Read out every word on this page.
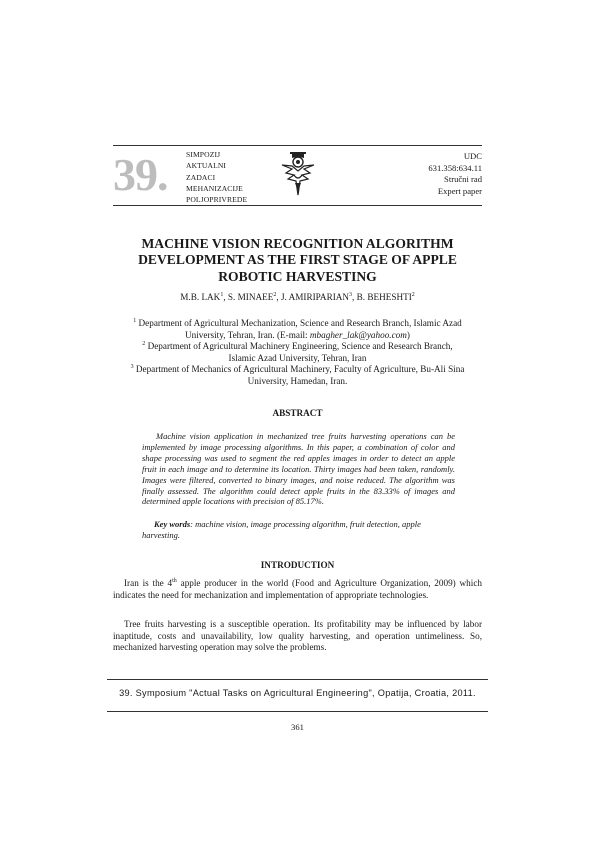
39. SIMPOZIJ
AKTUALNI
ZADACI
MEHANIZACIJE
POLJOPRIVREDE
UDC
631.358:634.11
Stručni rad
Expert paper
MACHINE VISION RECOGNITION ALGORITHM
DEVELOPMENT AS THE FIRST STAGE OF APPLE
ROBOTIC HARVESTING
M.B. LAK$^1$, S. MINAEE$^2$, J. AMIRIPARIAN$^3$, B. BEHESHTI$^2$
$^1$ Department of Agricultural Mechanization, Science and Research Branch, Islamic Azad
University, Tehran, Iran. (E-mail: mbagher_lak@yahoo.com)
$^2$ Department of Agricultural Machinery Engineering, Science and Research Branch,
Islamic Azad University, Tehran, Iran
$^3$ Department of Mechanics of Agricultural Machinery, Faculty of Agriculture, Bu-Ali Sina
University, Hamedan, Iran.
ABSTRACT
Machine vision application in mechanized tree fruits harvesting operations can be implemented by image processing algorithms. In this paper, a combination of color and shape processing was used to segment the red apples images in order to detect an apple fruit in each image and to determine its location. Thirty images had been taken, randomly. Images were filtered, converted to binary images, and noise reduced. The algorithm was finally assessed. The algorithm could detect apple fruits in the 83.33% of images and determined apple locations with precision of 85.17%.
Key words: machine vision, image processing algorithm, fruit detection, apple harvesting.
INTRODUCTION

Iran is the 4th apple producer in the world (Food and Agriculture Organization, 2009) which indicates the need for mechanization and implementation of appropriate technologies.

Tree fruits harvesting is a susceptible operation. Its profitability may be influenced by labor inaptitude, costs and unavailability, low quality harvesting, and operation untimeliness. So, mechanized harvesting operation may solve the problems.

39. Symposium "Actual Tasks on Agricultural Engineering", Opatija, Croatia, 2011.
361
